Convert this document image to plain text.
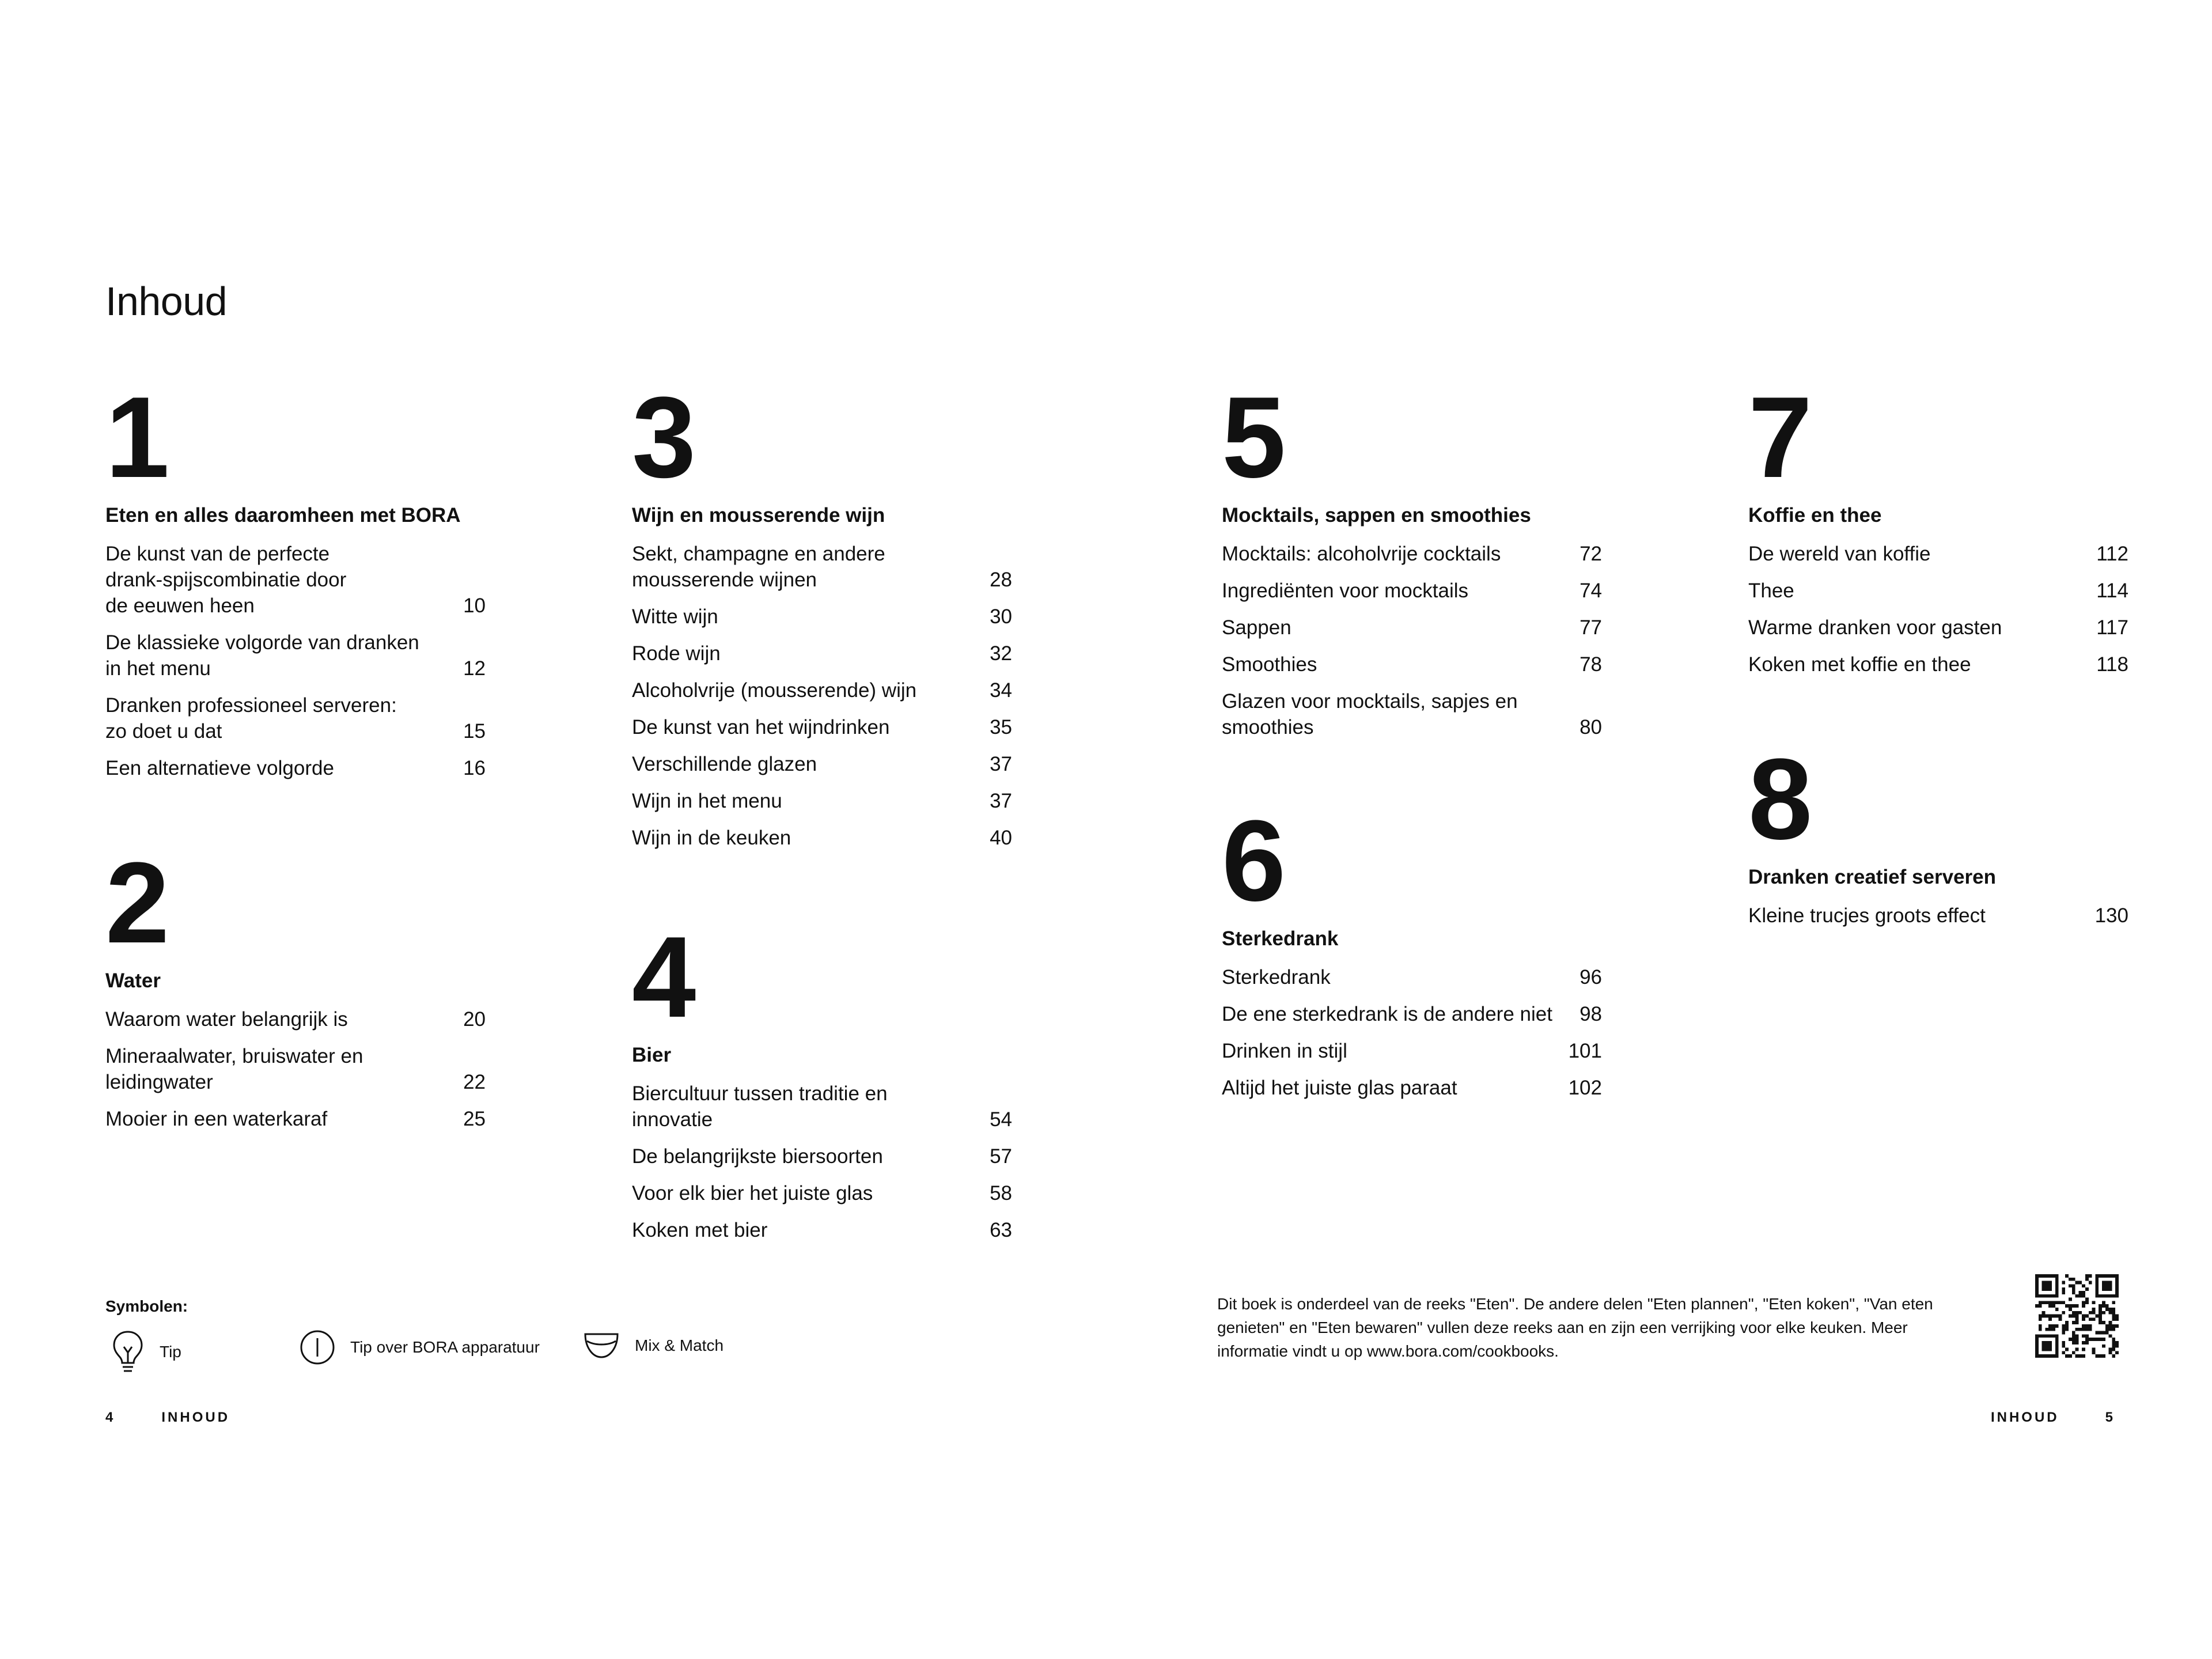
Inhoud
1
Eten en alles daaromheen met BORA
De kunst van de perfecte
drank-spijscombinatie door
de eeuwen heen	10
De klassieke volgorde van dranken
in het menu	12
Dranken professioneel serveren:
zo doet u dat	15
Een alternatieve volgorde	16
2
Water
Waarom water belangrijk is	20
Mineraalwater, bruiswater en
leidingwater	22
Mooier in een waterkaraf	25
3
Wijn en mousserende wijn
Sekt, champagne en andere
mousserende wijnen	28
Witte wijn	30
Rode wijn	32
Alcoholvrije (mousserende) wijn	34
De kunst van het wijndrinken	35
Verschillende glazen	37
Wijn in het menu	37
Wijn in de keuken	40
4
Bier
Biercultuur tussen traditie en innovatie	54
De belangrijkste biersoorten	57
Voor elk bier het juiste glas	58
Koken met bier	63
5
Mocktails, sappen en smoothies
Mocktails: alcoholvrije cocktails	72
Ingrediënten voor mocktails	74
Sappen	77
Smoothies	78
Glazen voor mocktails, sapjes en
smoothies	80
6
Sterkedrank
Sterkedrank	96
De ene sterkedrank is de andere niet	98
Drinken in stijl	101
Altijd het juiste glas paraat	102
7
Koffie en thee
De wereld van koffie	112
Thee	114
Warme dranken voor gasten	117
Koken met koffie en thee	118
8
Dranken creatief serveren
Kleine trucjes groots effect	130
Symbolen:
Tip	Tip over BORA apparatuur	Mix & Match

Dit boek is onderdeel van de reeks "Eten". De andere delen "Eten plannen", "Eten koken", "Van eten genieten" en "Eten bewaren" vullen deze reeks aan en zijn een verrijking voor elke keuken. Meer informatie vindt u op www.bora.com/cookbooks.

4	INHOUD	INHOUD	5
